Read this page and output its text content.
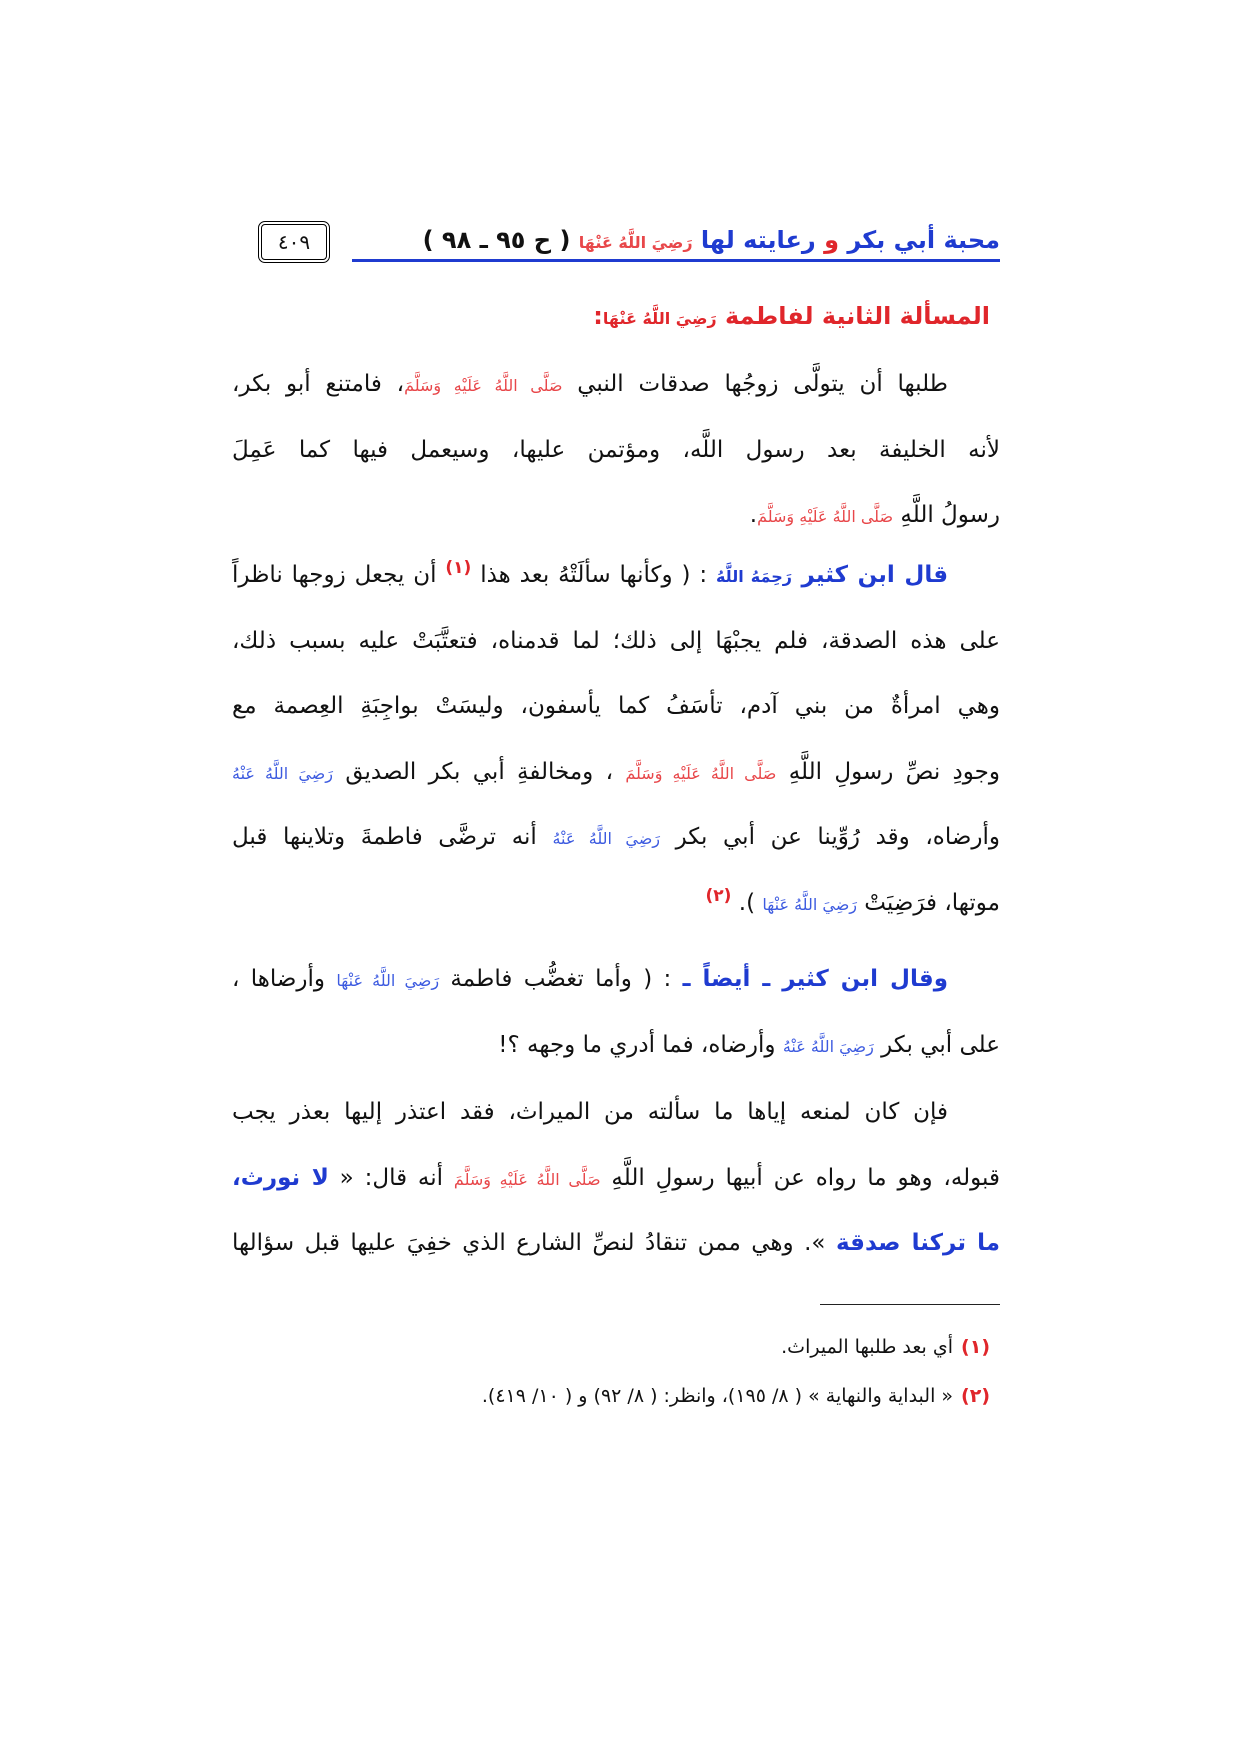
٤٠٩	محبة أبي بكر و رعايته لها رَضِيَ اللَّهُ عَنْهَا ( ح ٩٥ ـ ٩٨ )
المسألة الثانية لفاطمة رَضِيَ اللَّهُ عَنْهَا:
طلبها أن يتولَّى زوجُها صدقات النبي صَلَّى اللَّهُ عَلَيْهِ وَسَلَّمَ، فامتنع أبو بكر،
لأنه الخليفة بعد رسول اللَّه، ومؤتمن عليها، وسيعمل فيها كما عَمِلَ
رسولُ اللَّهِ صَلَّى اللَّهُ عَلَيْهِ وَسَلَّمَ.
قال ابن كثير رَحِمَهُ اللَّهُ : ( وكأنها سألَتْهُ بعد هذا $^{(١)}$ أن يجعل زوجها ناظراً
على هذه الصدقة، فلم يجبْهَا إلى ذلك؛ لما قدمناه، فتعتَّبَتْ عليه بسبب ذلك،
وهي امرأةٌ من بني آدم، تأسَفُ كما يأسفون، وليسَتْ بواجِبَةِ العِصمة مع
وجودِ نصِّ رسولِ اللَّهِ صَلَّى اللَّهُ عَلَيْهِ وَسَلَّمَ ، ومخالفةِ أبي بكر الصديق رَضِيَ اللَّهُ عَنْهُ
وأرضاه، وقد رُوِّينا عن أبي بكر رَضِيَ اللَّهُ عَنْهُ أنه ترضَّى فاطمةَ وتلاينها قبل
موتها، فرَضِيَتْ رَضِيَ اللَّهُ عَنْهَا ). $^{(٢)}$
وقال ابن كثير ـ أيضاً ـ : ( وأما تغضُّب فاطمة رَضِيَ اللَّهُ عَنْهَا وأرضاها ،
على أبي بكر رَضِيَ اللَّهُ عَنْهُ وأرضاه، فما أدري ما وجهه ؟!
فإن كان لمنعه إياها ما سألته من الميراث، فقد اعتذر إليها بعذر يجب
قبوله، وهو ما رواه عن أبيها رسولِ اللَّهِ صَلَّى اللَّهُ عَلَيْهِ وَسَلَّمَ أنه قال: « لا نورث،
ما تركنا صدقة ». وهي ممن تنقادُ لنصِّ الشارع الذي خفِيَ عليها قبل سؤالها
(١)أي بعد طلبها الميراث.
(٢)« البداية والنهاية » ( ٨/ ١٩٥)، وانظر: ( ٨/ ٩٢) و ( ١٠/ ٤١٩).
